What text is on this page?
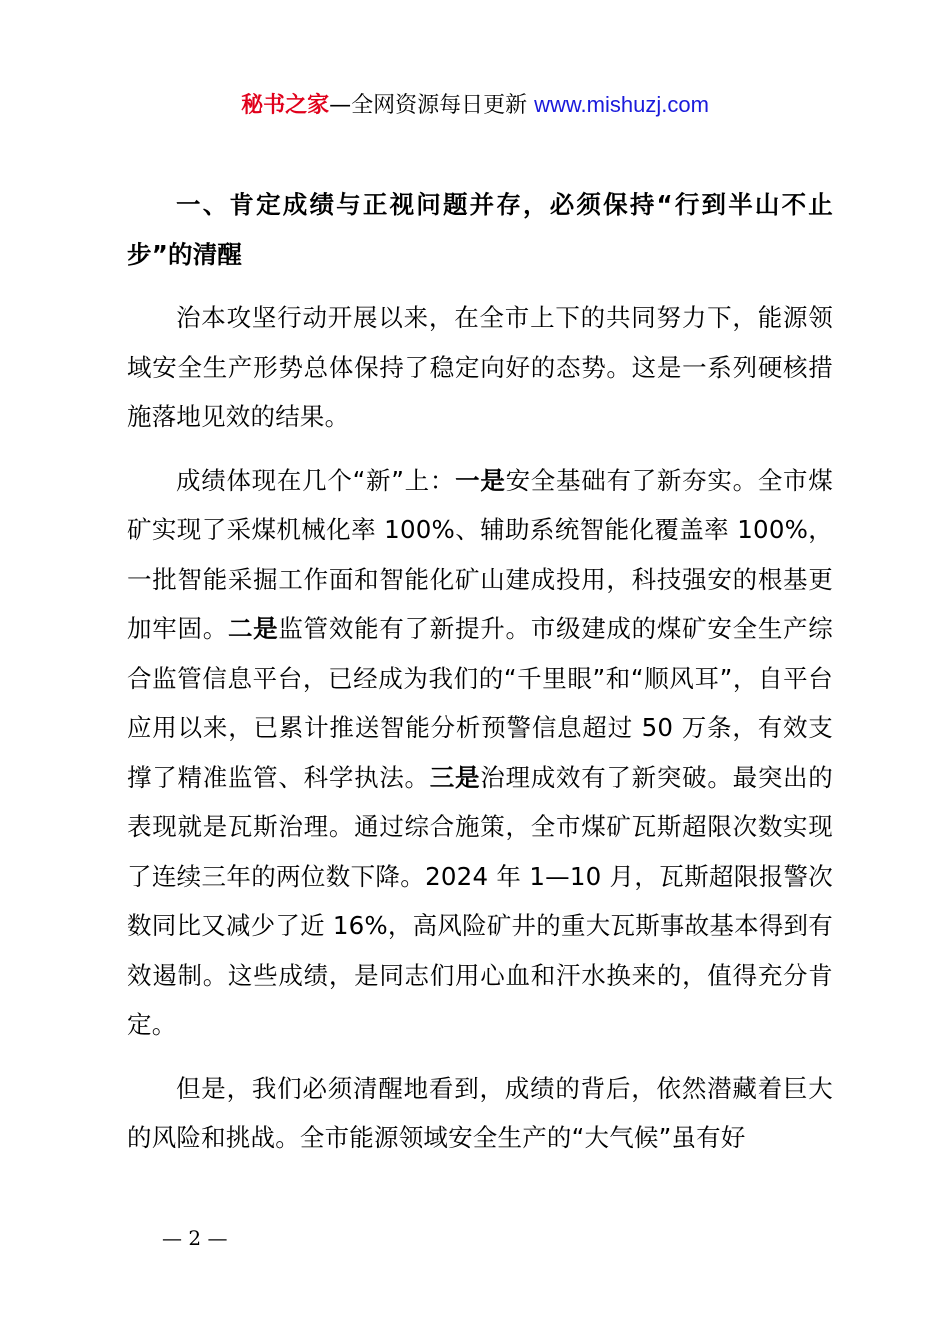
秘书之家—全网资源每日更新 www.mishuzj.com

一、肯定成绩与正视问题并存，必须保持“行到半山不止步”的清醒

治本攻坚行动开展以来，在全市上下的共同努力下，能源领域安全生产形势总体保持了稳定向好的态势。这是一系列硬核措施落地见效的结果。

成绩体现在几个“新”上：一是安全基础有了新夯实。全市煤矿实现了采煤机械化率 100%、辅助系统智能化覆盖率 100%，一批智能采掘工作面和智能化矿山建成投用，科技强安的根基更加牢固。二是监管效能有了新提升。市级建成的煤矿安全生产综合监管信息平台，已经成为我们的“千里眼”和“顺风耳”，自平台应用以来，已累计推送智能分析预警信息超过 50 万条，有效支撑了精准监管、科学执法。三是治理成效有了新突破。最突出的表现就是瓦斯治理。通过综合施策，全市煤矿瓦斯超限次数实现了连续三年的两位数下降。2024 年 1—10 月，瓦斯超限报警次数同比又减少了近 16%，高风险矿井的重大瓦斯事故基本得到有效遏制。这些成绩，是同志们用心血和汗水换来的，值得充分肯定。

但是，我们必须清醒地看到，成绩的背后，依然潜藏着巨大的风险和挑战。全市能源领域安全生产的“大气候”虽有好

— 2 —
